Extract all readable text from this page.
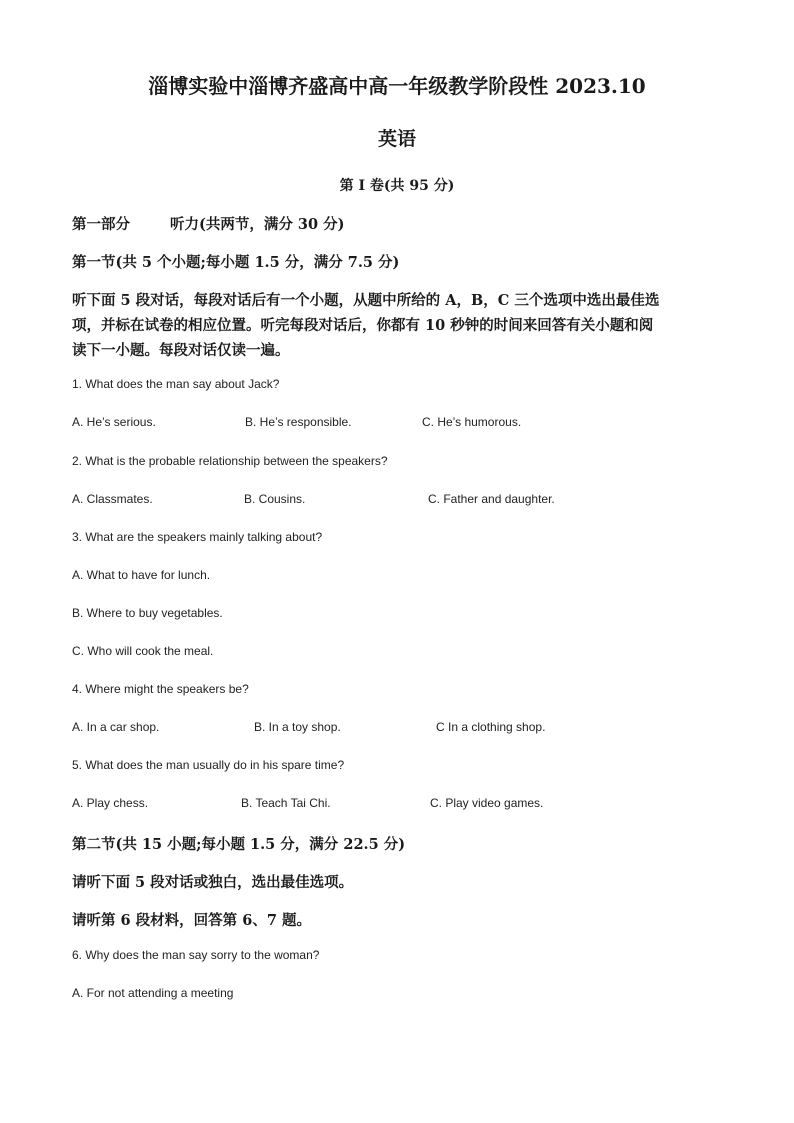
淄博实验中淄博齐盛高中高一年级教学阶段性 2023.10
英语
第 I 卷(共 95 分)
第一部分	听力(共两节，满分 30 分)
第一节(共 5 个小题;每小题 1.5 分，满分 7.5 分)
听下面 5 段对话，每段对话后有一个小题，从题中所给的 A，B，C 三个选项中选出最佳选
项，并标在试卷的相应位置。听完每段对话后，你都有 10 秒钟的时间来回答有关小题和阅
读下一小题。每段对话仅读一遍。
1. What does the man say about Jack?
A. He’s serious.	B. He’s responsible.	C. He’s humorous.
2. What is the probable relationship between the speakers?
A. Classmates.	B. Cousins.	C. Father and daughter.
3. What are the speakers mainly talking about?
A. What to have for lunch.
B. Where to buy vegetables.
C. Who will cook the meal.
4. Where might the speakers be?
A. In a car shop.	B. In a toy shop.	C In a clothing shop.
5. What does the man usually do in his spare time?
A. Play chess.	B. Teach Tai Chi.	C. Play video games.
第二节(共 15 小题;每小题 1.5 分，满分 22.5 分)
请听下面 5 段对话或独白，选出最佳选项。
请听第 6 段材料，回答第 6、7 题。
6. Why does the man say sorry to the woman?
A. For not attending a meeting
